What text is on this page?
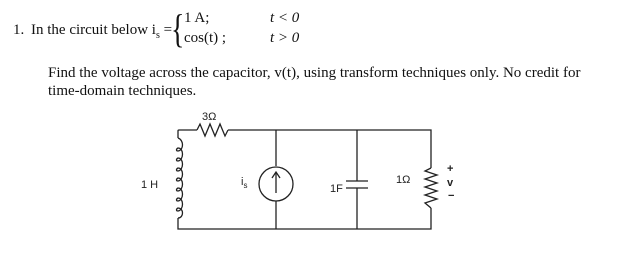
1. In the circuit below $i_s$ =
{ 1 A;	t < 0
cos(t) ;	t > 0
Find the voltage across the capacitor, v(t), using transform techniques only. No credit for time-domain techniques.
3Ω
1 H	$i_s$	1F
1Ω
+
v
−
